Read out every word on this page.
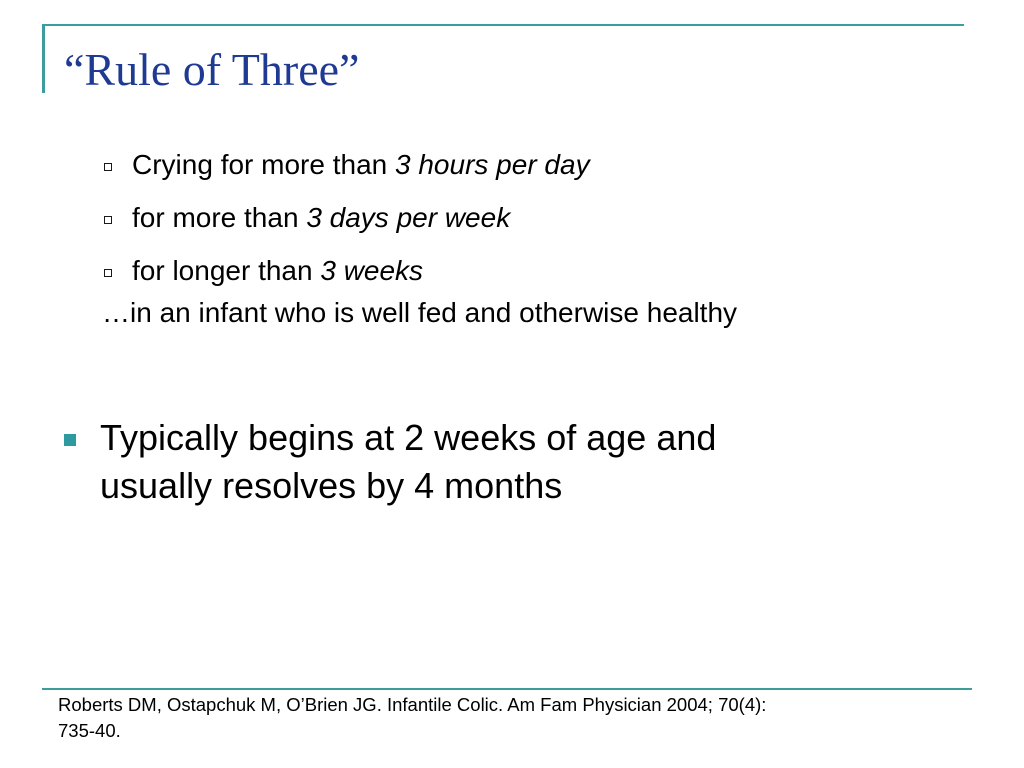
“Rule of Three”
Crying for more than 3 hours per day
for more than 3 days per week
for longer than 3 weeks
…in an infant who is well fed and otherwise healthy
Typically begins at 2 weeks of age and
usually resolves by 4 months
Roberts DM, Ostapchuk M, O’Brien JG. Infantile Colic. Am Fam Physician 2004; 70(4):
735-40.
